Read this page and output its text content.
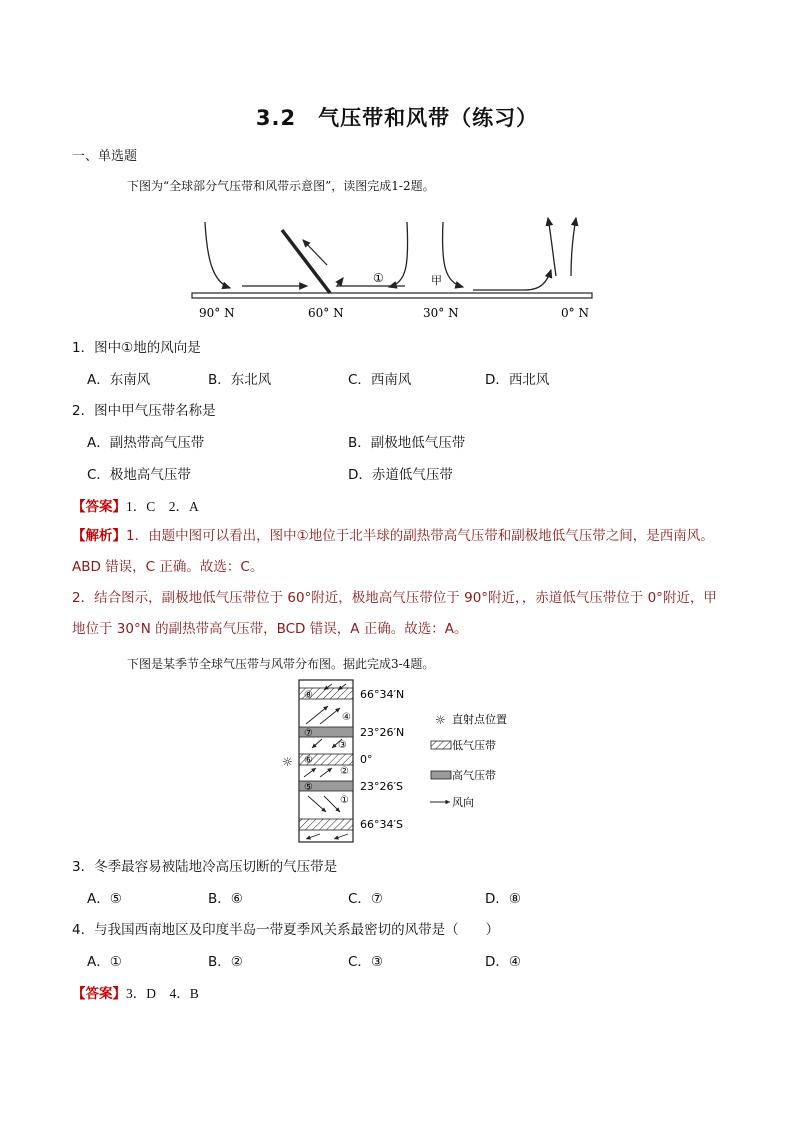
3.2　气压带和风带（练习）
一、单选题
下图为“全球部分气压带和风带示意图”，读图完成1-2题。
①	甲
90° N	60° N	30° N	0° N
1．图中①地的风向是
A．东南风	B．东北风	C．西南风	D．西北风
2．图中甲气压带名称是
A．副热带高气压带	B．副极地低气压带
C．极地高气压带	D．赤道低气压带
【答案】1．C　2．A
【解析】1．由题中图可以看出，图中①地位于北半球的副热带高气压带和副极地低气压带之间，是西南风。
ABD 错误，C 正确。故选：C。
2．结合图示，副极地低气压带位于 60°附近，极地高气压带位于 90°附近，，赤道低气压带位于 0°附近，甲
地位于 30°N 的副热带高气压带，BCD 错误，A 正确。故选：A。
下图是某季节全球气压带与风带分布图。据此完成3-4题。
⑧
⑦
⑥
⑤
④
③
②
①
☼
66°34′N
23°26′N
0°
23°26′S
66°34′S
☼ 直射点位置
低气压带
高气压带
风向
3．冬季最容易被陆地冷高压切断的气压带是
A．⑤	B．⑥	C．⑦	D．⑧
4．与我国西南地区及印度半岛一带夏季风关系最密切的风带是（　　）
A．①	B．②	C．③	D．④
【答案】3．D　4．B
